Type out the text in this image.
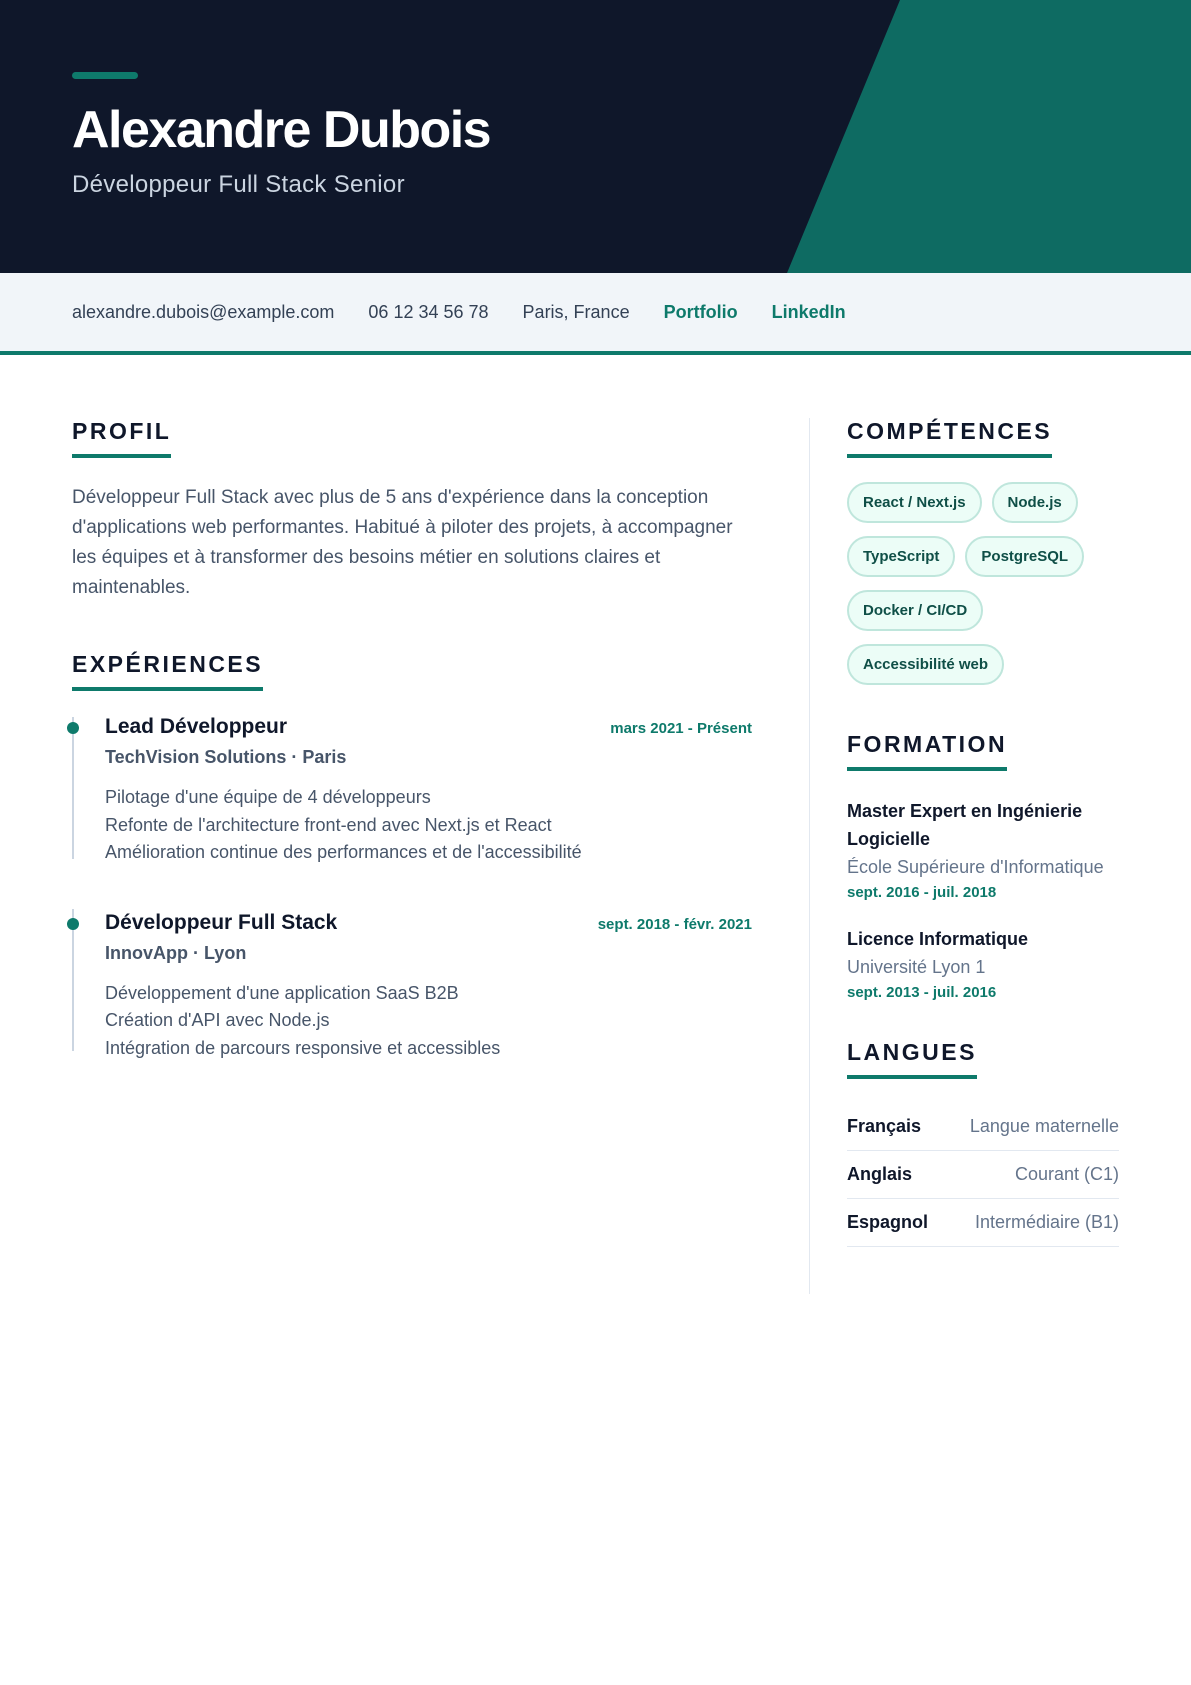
Alexandre Dubois
Développeur Full Stack Senior
alexandre.dubois@example.com 06 12 34 56 78 Paris, France Portfolio LinkedIn
PROFIL

Développeur Full Stack avec plus de 5 ans d'expérience dans la conception d'applications web performantes. Habitué à piloter des projets, à accompagner les équipes et à transformer des besoins métier en solutions claires et maintenables.

EXPÉRIENCES
Lead Développeur	mars 2021 - Présent
TechVision Solutions · Paris
Pilotage d'une équipe de 4 développeurs
Refonte de l'architecture front-end avec Next.js et React
Amélioration continue des performances et de l'accessibilité
Développeur Full Stack	sept. 2018 - févr. 2021
InnovApp · Lyon
Développement d'une application SaaS B2B
Création d'API avec Node.js
Intégration de parcours responsive et accessibles
COMPÉTENCES
React / Next.js	Node.js
TypeScript	PostgreSQL
Docker / CI/CD
Accessibilité web
FORMATION
Master Expert en Ingénierie Logicielle
École Supérieure d'Informatique
sept. 2016 - juil. 2018
Licence Informatique
Université Lyon 1
sept. 2013 - juil. 2016
LANGUES
Français	Langue maternelle
Anglais	Courant (C1)
Espagnol	Intermédiaire (B1)
